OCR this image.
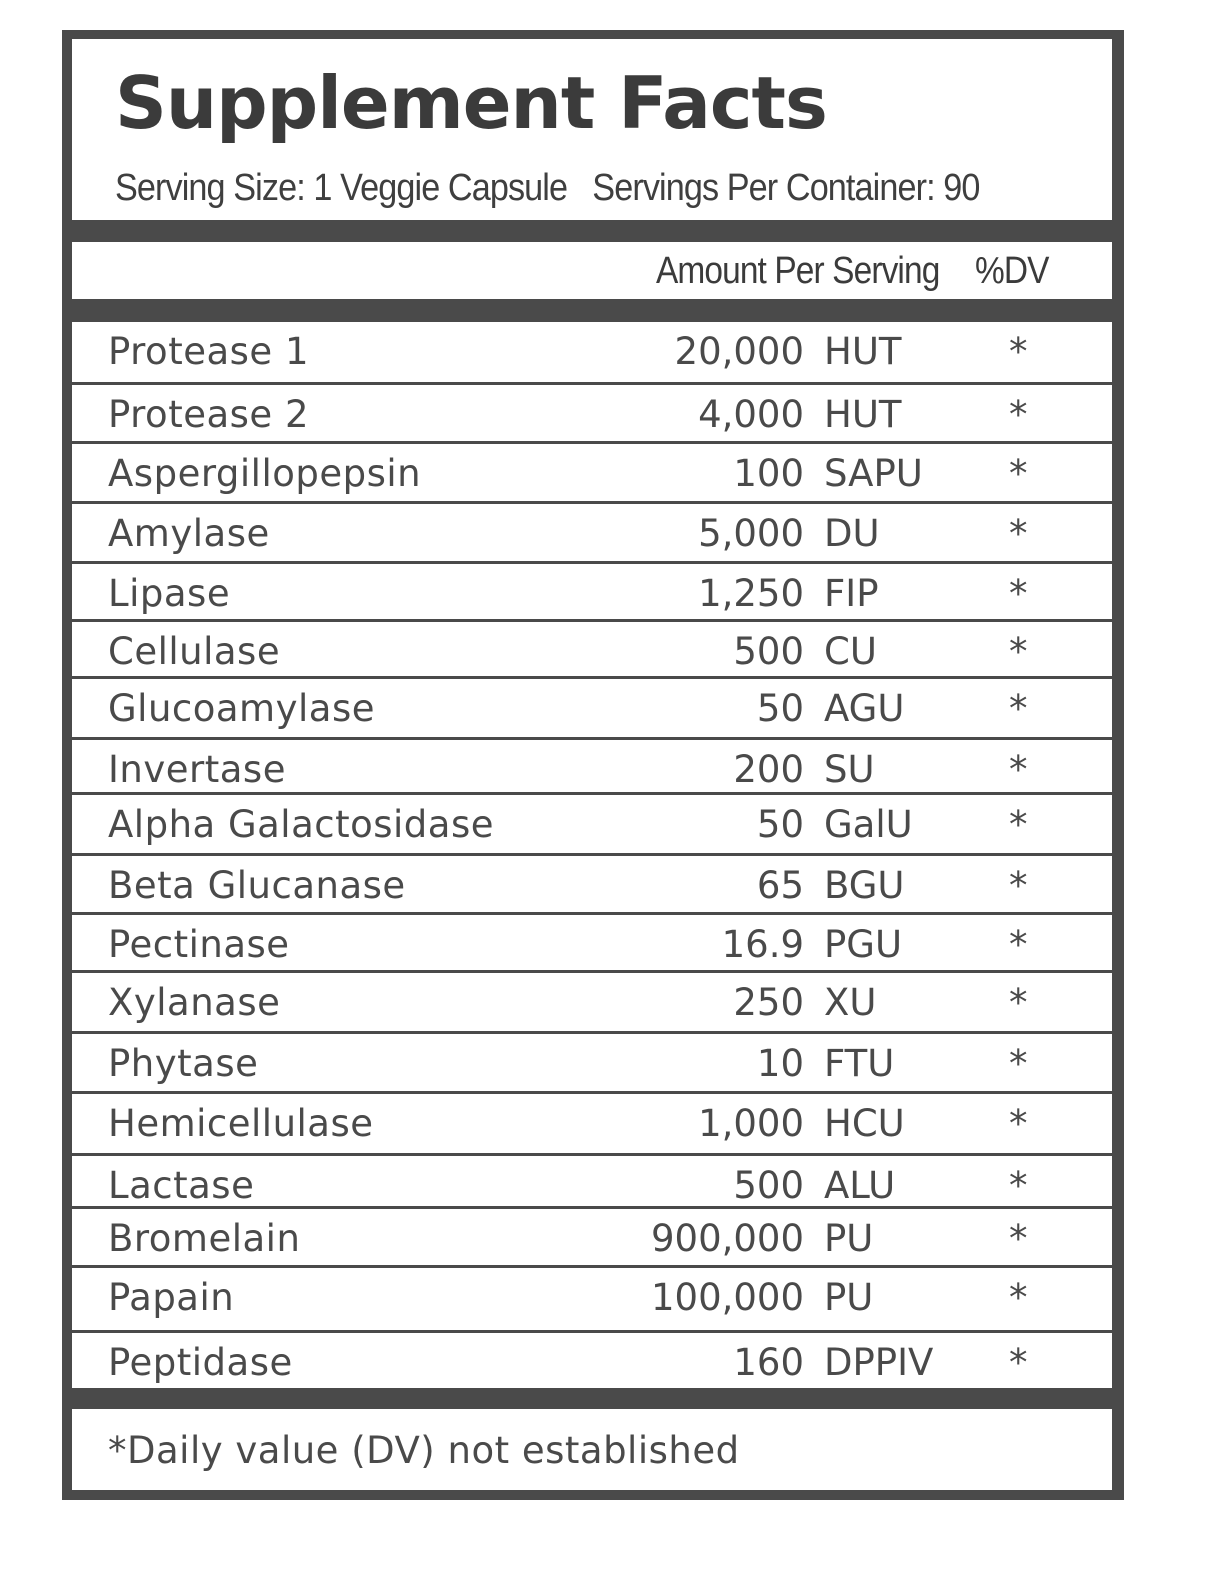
Supplement Facts
Serving Size: 1 Veggie Capsule Servings Per Container: 90
Amount Per Serving %DV
Protease 1	20,000 HUT	*
Protease 2	4,000 HUT	*
Aspergillopepsin	100 SAPU *
Amylase	5,000 DU	*
Lipase	1,250 FIP	*
Cellulase	500 CU	*
Glucoamylase	50 AGU	*
Invertase	200 SU	*
Alpha Galactosidase	50 GalU	*
Beta Glucanase	65 BGU	*
Pectinase	16.9 PGU	*
Xylanase	250 XU	*
Phytase	10 FTU	*
Hemicellulase	1,000 HCU	*
Lactase	500 ALU	*
Bromelain	900,000 PU	*
Papain	100,000 PU	*
Peptidase	160 DPPIV *
*Daily value (DV) not established
